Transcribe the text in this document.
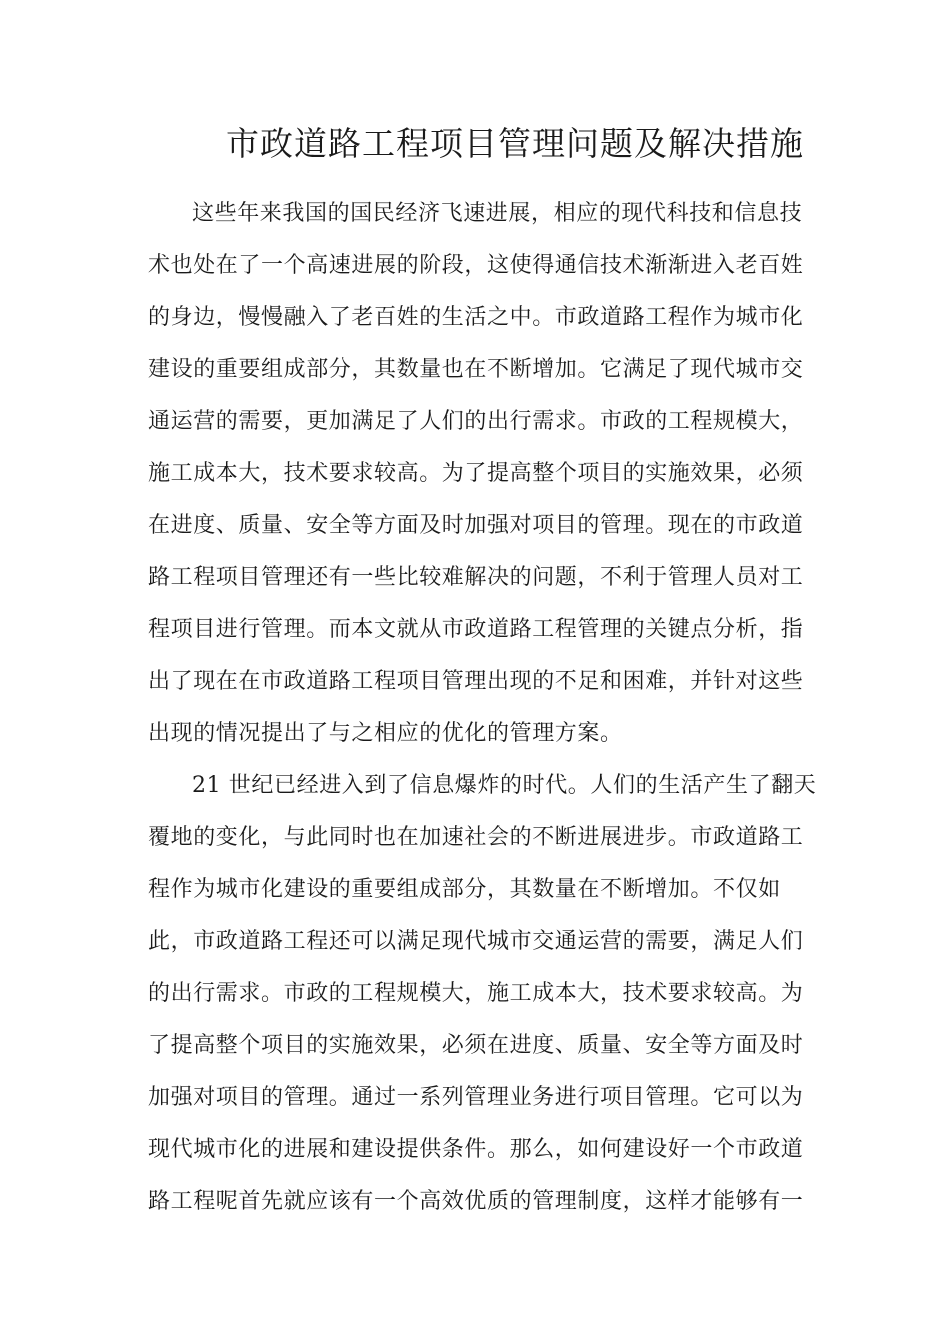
市政道路工程项目管理问题及解决措施
这些年来我国的国民经济飞速进展，相应的现代科技和信息技
术也处在了一个高速进展的阶段，这使得通信技术渐渐进入老百姓
的身边，慢慢融入了老百姓的生活之中。市政道路工程作为城市化
建设的重要组成部分，其数量也在不断增加。它满足了现代城市交
通运营的需要，更加满足了人们的出行需求。市政的工程规模大，
施工成本大，技术要求较高。为了提高整个项目的实施效果，必须
在进度、质量、安全等方面及时加强对项目的管理。现在的市政道
路工程项目管理还有一些比较难解决的问题，不利于管理人员对工
程项目进行管理。而本文就从市政道路工程管理的关键点分析，指
出了现在在市政道路工程项目管理出现的不足和困难，并针对这些
出现的情况提出了与之相应的优化的管理方案。
21 世纪已经进入到了信息爆炸的时代。人们的生活产生了翻天
覆地的变化，与此同时也在加速社会的不断进展进步。市政道路工
程作为城市化建设的重要组成部分，其数量在不断增加。不仅如
此，市政道路工程还可以满足现代城市交通运营的需要，满足人们
的出行需求。市政的工程规模大，施工成本大，技术要求较高。为
了提高整个项目的实施效果，必须在进度、质量、安全等方面及时
加强对项目的管理。通过一系列管理业务进行项目管理。它可以为
现代城市化的进展和建设提供条件。那么，如何建设好一个市政道
路工程呢首先就应该有一个高效优质的管理制度，这样才能够有一
